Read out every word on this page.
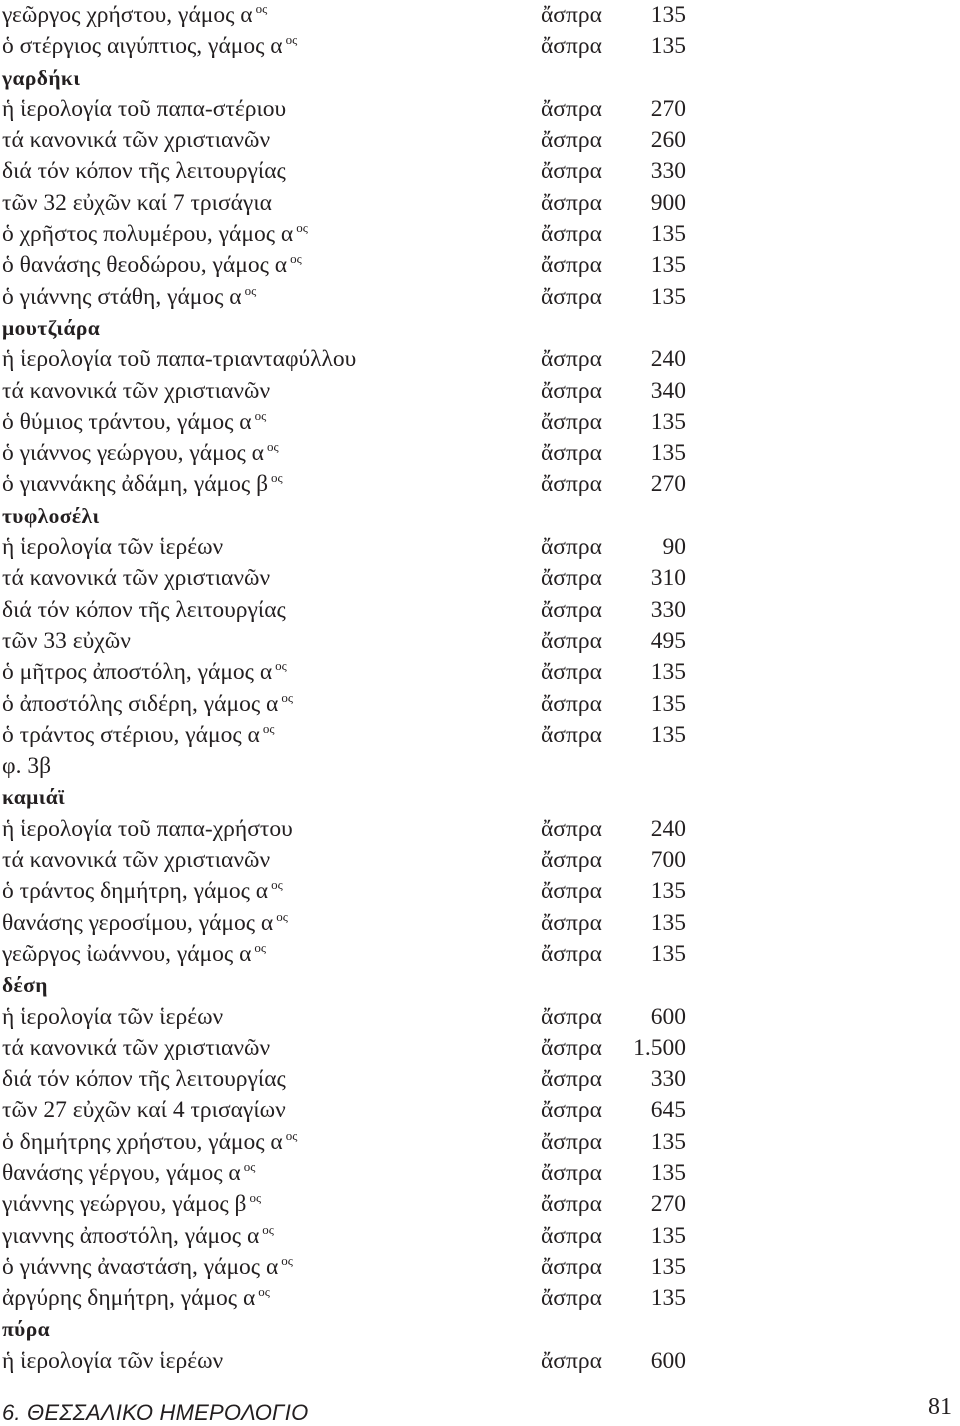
γεῶργος χρήστου, γάμος α $^{o\varsigma}$	ἄσπρα 135
ὁ στέργιος αιγύπτιος, γάμος α $^{o\varsigma}$	ἄσπρα 135
γαρδήκι
ἡ ἱερολογία τοῦ παπα-στέριου	ἄσπρα 270
τά κανονικά τῶν χριστιανῶν	ἄσπρα 260
διά τόν κόπον τῆς λειτουργίας	ἄσπρα 330
τῶν 32 εὐχῶν καί 7 τρισάγια	ἄσπρα 900
ὁ χρῆστος πολυμέρου, γάμος α $^{o\varsigma}$	ἄσπρα 135
ὁ θανάσης θεοδώρου, γάμος α $^{o\varsigma}$	ἄσπρα 135
ὁ γιάννης στάθη, γάμος α $^{o\varsigma}$	ἄσπρα 135
μουτζιάρα
ἡ ἱερολογία τοῦ παπα-τριανταφύλλου	ἄσπρα 240
τά κανονικά τῶν χριστιανῶν	ἄσπρα 340
ὁ θύμιος τράντου, γάμος α $^{o\varsigma}$	ἄσπρα 135
ὁ γιάννος γεώργου, γάμος α $^{o\varsigma}$	ἄσπρα 135
ὁ γιαννάκης ἀδάμη, γάμος β $^{o\varsigma}$	ἄσπρα 270
τυφλοσέλι
ἡ ἱερολογία τῶν ἱερέων	ἄσπρα	90
τά κανονικά τῶν χριστιανῶν	ἄσπρα 310
διά τόν κόπον τῆς λειτουργίας	ἄσπρα 330
τῶν 33 εὐχῶν	ἄσπρα 495
ὁ μῆτρος ἀποστόλη, γάμος α $^{o\varsigma}$	ἄσπρα 135
ὁ ἀποστόλης σιδέρη, γάμος α $^{o\varsigma}$	ἄσπρα 135
ὁ τράντος στέριου, γάμος α $^{o\varsigma}$	ἄσπρα 135
φ. 3β
καμιάϊ
ἡ ἱερολογία τοῦ παπα-χρήστου	ἄσπρα 240
τά κανονικά τῶν χριστιανῶν	ἄσπρα 700
ὁ τράντος δημήτρη, γάμος α $^{o\varsigma}$	ἄσπρα 135
θανάσης γεροσίμου, γάμος α $^{o\varsigma}$	ἄσπρα 135
γεῶργος ἰωάννου, γάμος α $^{o\varsigma}$	ἄσπρα 135
δέση
ἡ ἱερολογία τῶν ἱερέων	ἄσπρα 600
τά κανονικά τῶν χριστιανῶν	ἄσπρα 1.500
διά τόν κόπον τῆς λειτουργίας	ἄσπρα 330
τῶν 27 εὐχῶν καί 4 τρισαγίων	ἄσπρα 645
ὁ δημήτρης χρήστου, γάμος α $^{o\varsigma}$	ἄσπρα 135
θανάσης γέργου, γάμος α $^{o\varsigma}$	ἄσπρα 135
γιάννης γεώργου, γάμος β $^{o\varsigma}$	ἄσπρα 270
γιαννης ἀποστόλη, γάμος α $^{o\varsigma}$	ἄσπρα 135
ὁ γιάννης ἀναστάση, γάμος α $^{o\varsigma}$	ἄσπρα 135
ἀργύρης δημήτρη, γάμος α $^{o\varsigma}$	ἄσπρα 135
πύρα
ἡ ἱερολογία τῶν ἱερέων	ἄσπρα 600
6. ΘΕΣΣΑΛΙΚΟ ΗΜΕΡΟΛΟΓΙΟ	81
